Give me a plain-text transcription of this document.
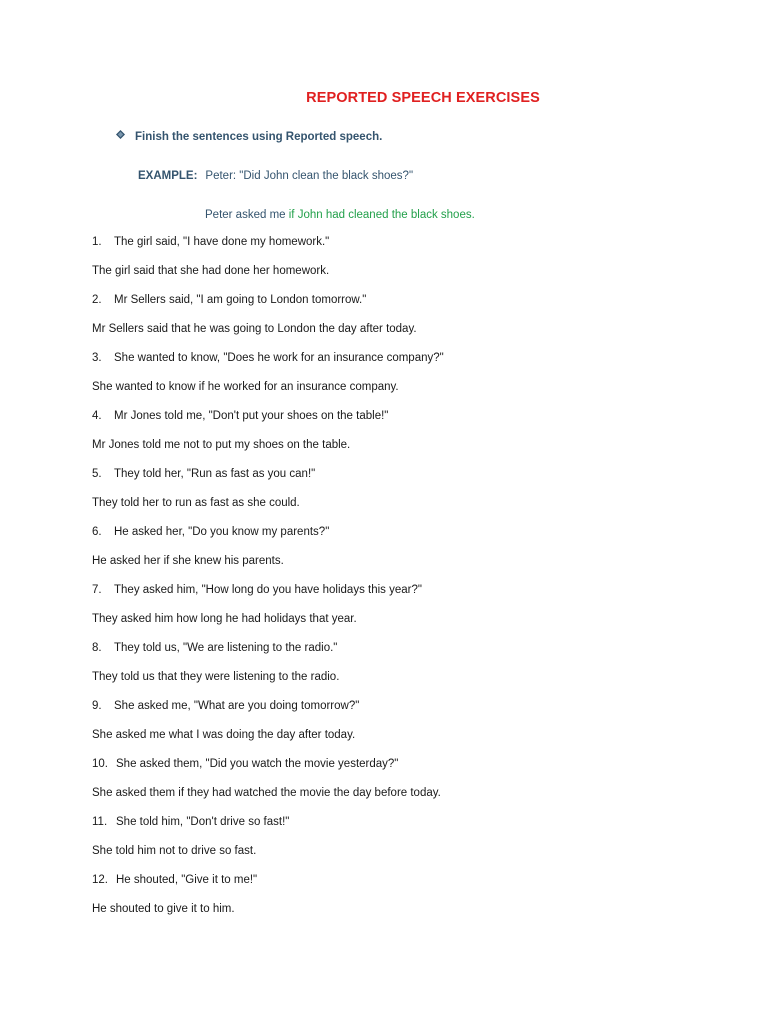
REPORTED SPEECH EXERCISES
Finish the sentences using Reported speech.
EXAMPLE: Peter: "Did John clean the black shoes?"
Peter asked me if John had cleaned the black shoes.
1. The girl said, "I have done my homework."
The girl said that she had done her homework.
2. Mr Sellers said, "I am going to London tomorrow."
Mr Sellers said that he was going to London the day after today.
3. She wanted to know, "Does he work for an insurance company?"
She wanted to know if he worked for an insurance company.
4. Mr Jones told me, "Don't put your shoes on the table!"
Mr Jones told me not to put my shoes on the table.
5. They told her, "Run as fast as you can!"
They told her to run as fast as she could.
6. He asked her, "Do you know my parents?"
He asked her if she knew his parents.
7. They asked him, "How long do you have holidays this year?"
They asked him how long he had holidays that year.
8. They told us, "We are listening to the radio."
They told us that they were listening to the radio.
9. She asked me, "What are you doing tomorrow?"
She asked me what I was doing the day after today.
10. She asked them, "Did you watch the movie yesterday?"
She asked them if they had watched the movie the day before today.
11. She told him, "Don't drive so fast!"
She told him not to drive so fast.
12. He shouted, "Give it to me!"
He shouted to give it to him.
